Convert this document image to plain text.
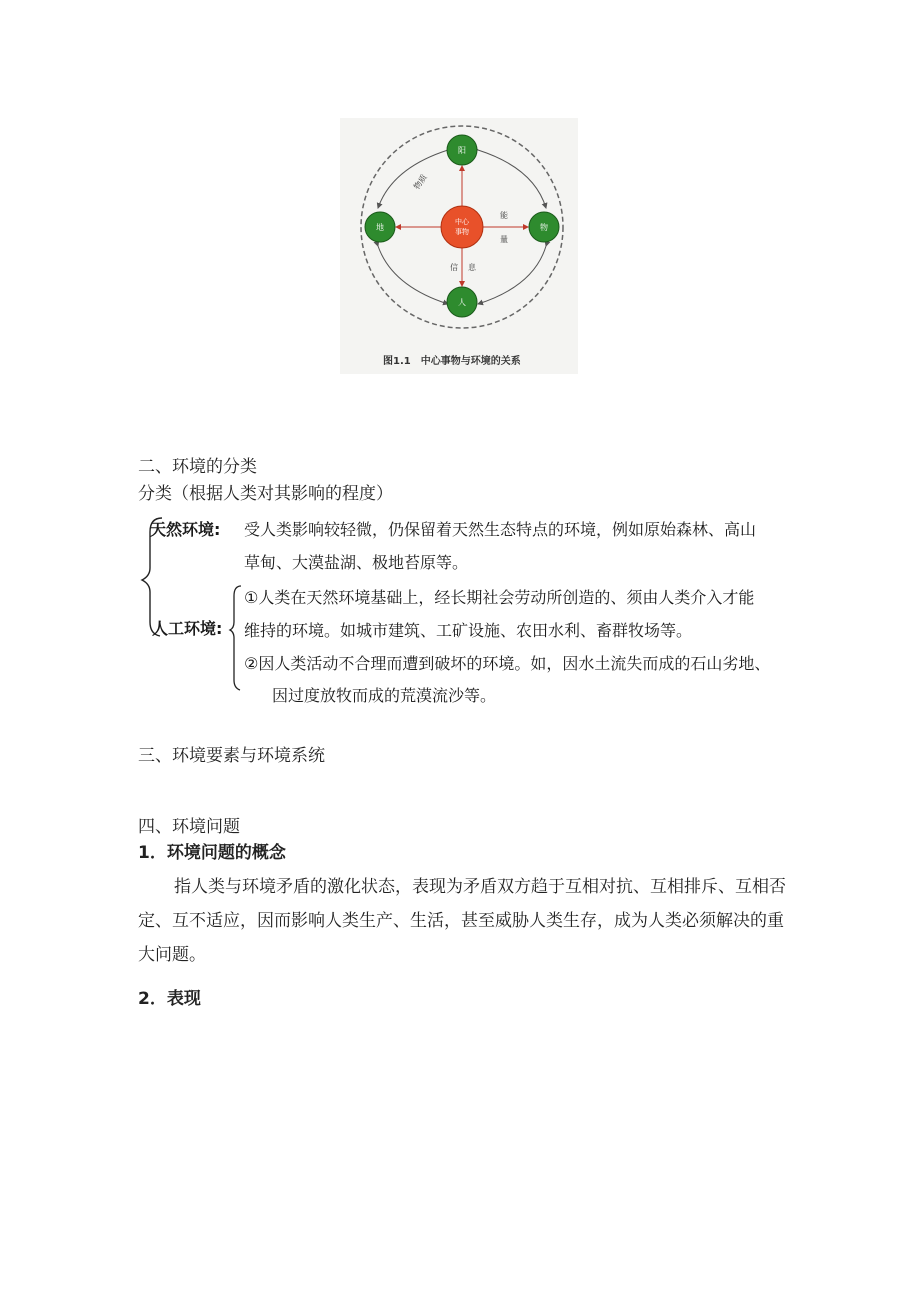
中心
事物
阳
地	物
人
物质
能
量
信 息
图1.1　中心事物与环境的关系
二、环境的分类
分类（根据人类对其影响的程度）
天然环境: 受人类影响较轻微，仍保留着天然生态特点的环境，例如原始森林、高山
草甸、大漠盐湖、极地苔原等。
人工环境:
①人类在天然环境基础上，经长期社会劳动所创造的、须由人类介入才能
维持的环境。如城市建筑、工矿设施、农田水利、畜群牧场等。
②因人类活动不合理而遭到破坏的环境。如，因水土流失而成的石山劣地、
因过度放牧而成的荒漠流沙等。
三、环境要素与环境系统
四、环境问题
1．环境问题的概念
指人类与环境矛盾的激化状态，表现为矛盾双方趋于互相对抗、互相排斥、互相否定、互不适应，因而影响人类生产、生活，甚至威胁人类生存，成为人类必须解决的重大问题。
2．表现
